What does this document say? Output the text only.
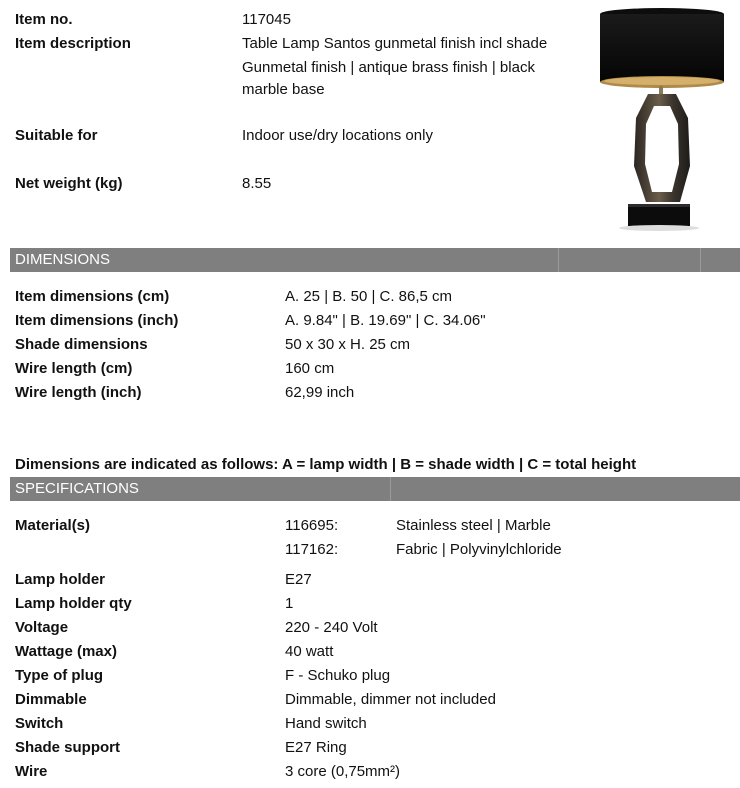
Item no.	117045
Item description	Table Lamp Santos gunmetal finish incl shade
Gunmetal finish | antique brass finish | black
marble base
Suitable for	Indoor use/dry locations only
Net weight (kg)	8.55
DIMENSIONS
Item dimensions (cm)	A. 25 | B. 50 | C. 86,5 cm
Item dimensions (inch)	A. 9.84" | B. 19.69" | C. 34.06"
Shade dimensions	50 x 30 x H. 25 cm
Wire length (cm)	160 cm
Wire length (inch)	62,99 inch
Dimensions are indicated as follows: A = lamp width | B = shade width | C = total height
SPECIFICATIONS
Material(s)	116695:	Stainless steel | Marble
117162:	Fabric | Polyvinylchloride
Lamp holder	E27
Lamp holder qty	1
Voltage	220 - 240 Volt
Wattage (max)	40 watt
Type of plug	F - Schuko plug
Dimmable	Dimmable, dimmer not included
Switch	Hand switch
Shade support	E27 Ring
Wire	3 core (0,75mm²)
